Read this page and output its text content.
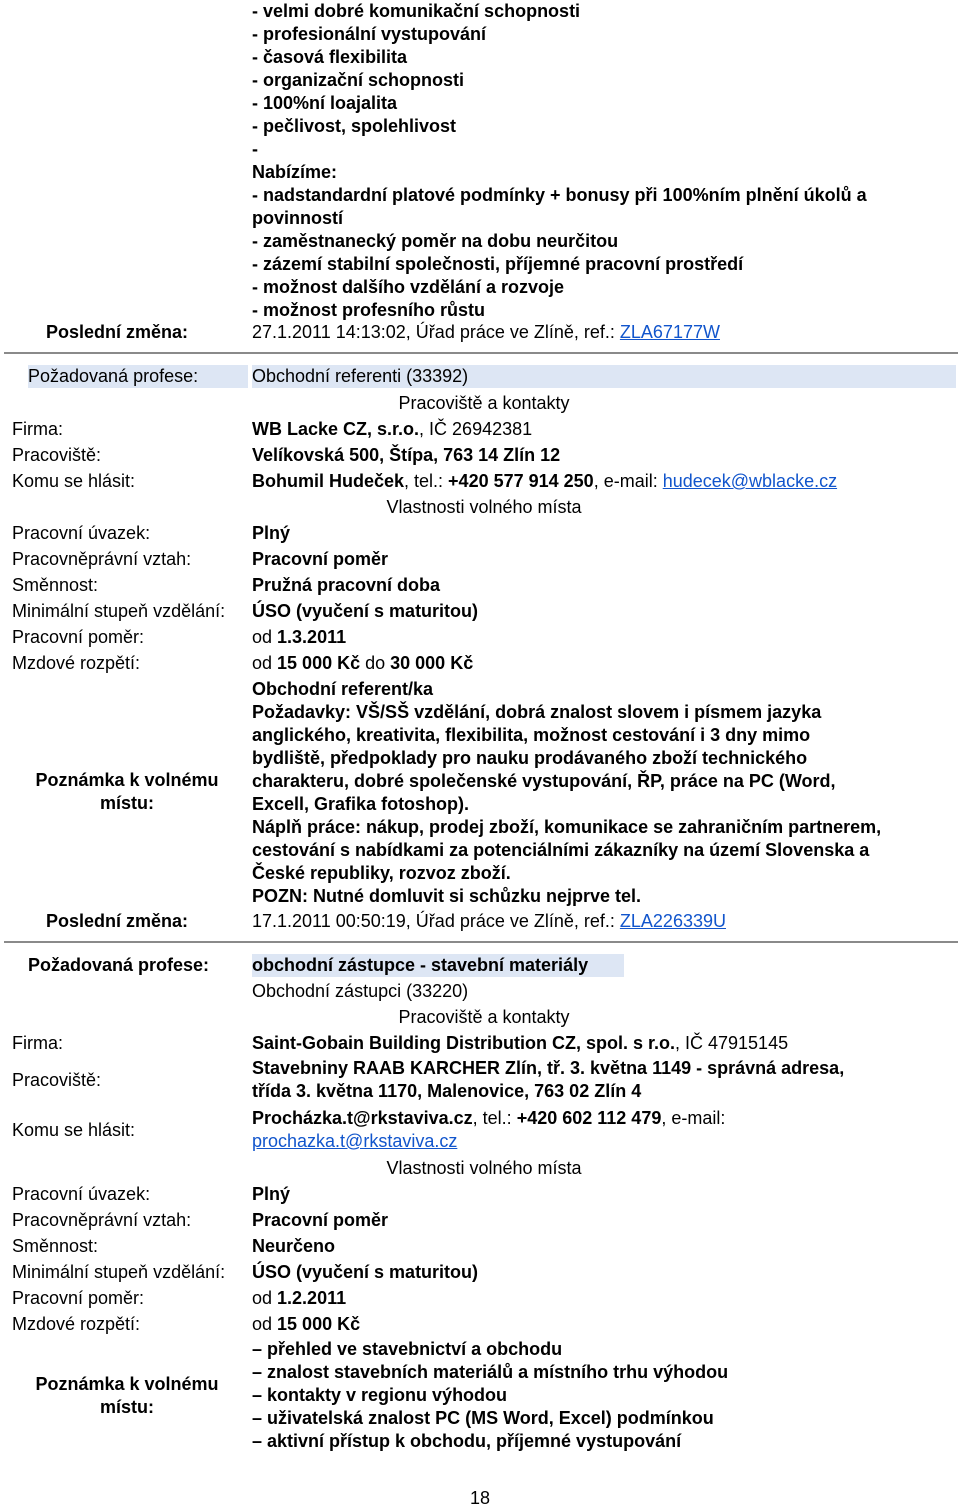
- velmi dobré komunikační schopnosti
- profesionální vystupování
- časová flexibilita
- organizační schopnosti
- 100%ní loajalita
- pečlivost, spolehlivost
-
Nabízíme:
- nadstandardní platové podmínky + bonusy při 100%ním plnění úkolů a
povinností
- zaměstnanecký poměr na dobu neurčitou
- zázemí stabilní společnosti, příjemné pracovní prostředí
- možnost dalšího vzdělání a rozvoje
- možnost profesního růstu
Poslední změna:	27.1.2011 14:13:02, Úřad práce ve Zlíně, ref.: ZLA67177W
Požadovaná profese:	Obchodní referenti (33392)
Pracoviště a kontakty
Firma:	WB Lacke CZ, s.r.o., IČ 26942381
Pracoviště:	Velíkovská 500, Štípa, 763 14 Zlín 12
Komu se hlásit:	Bohumil Hudeček, tel.: +420 577 914 250, e-mail: hudecek@wblacke.cz
Vlastnosti volného místa
Pracovní úvazek:	Plný
Pracovněprávní vztah:	Pracovní poměr
Směnnost:	Pružná pracovní doba
Minimální stupeň vzdělání: ÚSO (vyučení s maturitou)
Pracovní poměr:	od 1.3.2011
Mzdové rozpětí:	od 15 000 Kč do 30 000 Kč
Poznámka k volnému
místu:
Obchodní referent/ka
Požadavky: VŠ/SŠ vzdělání, dobrá znalost slovem i písmem jazyka
anglického, kreativita, flexibilita, možnost cestování i 3 dny mimo
bydliště, předpoklady pro nauku prodávaného zboží technického
charakteru, dobré společenské vystupování, ŘP, práce na PC (Word,
Excell, Grafika fotoshop).
Náplň práce: nákup, prodej zboží, komunikace se zahraničním partnerem,
cestování s nabídkami za potenciálními zákazníky na území Slovenska a
České republiky, rozvoz zboží.
POZN: Nutné domluvit si schůzku nejprve tel.
Poslední změna:	17.1.2011 00:50:19, Úřad práce ve Zlíně, ref.: ZLA226339U
Požadovaná profese: obchodní zástupce - stavební materiály
Obchodní zástupci (33220)
Pracoviště a kontakty
Firma:	Saint-Gobain Building Distribution CZ, spol. s r.o., IČ 47915145
Pracoviště:
Stavebniny RAAB KARCHER Zlín, tř. 3. května 1149 - správná adresa,
třída 3. května 1170, Malenovice, 763 02 Zlín 4
Komu se hlásit:
Procházka.t@rkstaviva.cz, tel.: +420 602 112 479, e-mail:
prochazka.t@rkstaviva.cz
Vlastnosti volného místa
Pracovní úvazek:	Plný
Pracovněprávní vztah:	Pracovní poměr
Směnnost:	Neurčeno
Minimální stupeň vzdělání: ÚSO (vyučení s maturitou)
Pracovní poměr:	od 1.2.2011
Mzdové rozpětí:	od 15 000 Kč
Poznámka k volnému
místu:
– přehled ve stavebnictví a obchodu
– znalost stavebních materiálů a místního trhu výhodou
– kontakty v regionu výhodou
– uživatelská znalost PC (MS Word, Excel) podmínkou
– aktivní přístup k obchodu, příjemné vystupování
18
